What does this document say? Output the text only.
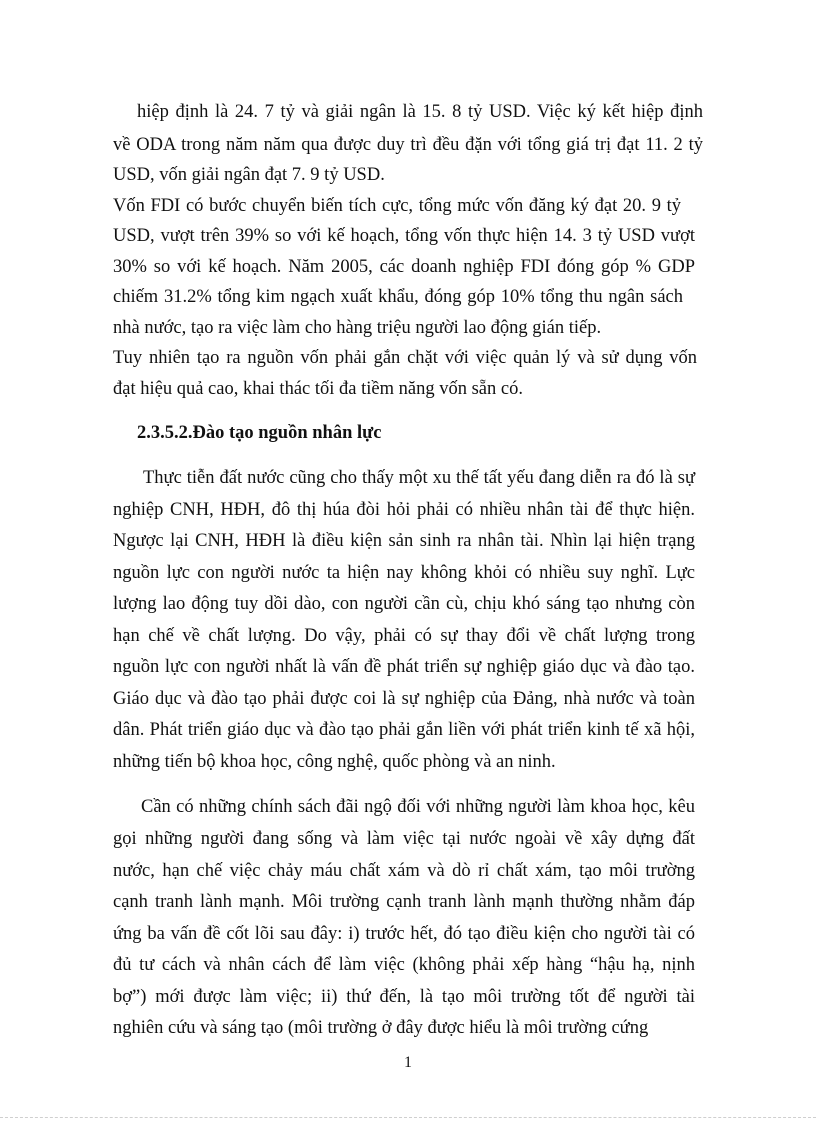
hiệp định là 24. 7 tỷ và giải ngân là 15. 8 tỷ USD. Việc ký kết hiệp định
về ODA trong năm năm qua được duy trì đều đặn với tổng giá trị đạt 11. 2 tỷ
USD, vốn giải ngân đạt 7. 9 tỷ USD.
Vốn FDI có bước chuyển biến tích cực, tổng mức vốn đăng ký đạt 20. 9 tỷ
USD, vượt trên 39% so với kế hoạch, tổng vốn thực hiện 14. 3 tỷ USD vượt
30% so với kế hoạch. Năm 2005, các doanh nghiệp FDI đóng góp % GDP
chiếm 31.2% tổng kim ngạch xuất khẩu, đóng góp 10% tổng thu ngân sách
nhà nước, tạo ra việc làm cho hàng triệu người lao động gián tiếp.
Tuy nhiên tạo ra nguồn vốn phải gắn chặt với việc quản lý và sử dụng vốn
đạt hiệu quả cao, khai thác tối đa tiềm năng vốn sẵn có.
2.3.5.2.Đào tạo nguồn nhân lực
Thực tiễn đất nước cũng cho thấy một xu thế tất yếu đang diễn ra đó là sự
nghiệp CNH, HĐH, đô thị húa đòi hỏi phải có nhiều nhân tài để thực hiện.
Ngược lại CNH, HĐH là điều kiện sản sinh ra nhân tài. Nhìn lại hiện trạng
nguồn lực con người nước ta hiện nay không khỏi có nhiều suy nghĩ. Lực
lượng lao động tuy dồi dào, con người cần cù, chịu khó sáng tạo nhưng còn
hạn chế về chất lượng. Do vậy, phải có sự thay đổi về chất lượng trong
nguồn lực con người nhất là vấn đề phát triển sự nghiệp giáo dục và đào tạo.
Giáo dục và đào tạo phải được coi là sự nghiệp của Đảng, nhà nước và toàn
dân. Phát triển giáo dục và đào tạo phải gắn liền với phát triển kinh tế xã hội,
những tiến bộ khoa học, công nghệ, quốc phòng và an ninh.
Cần có những chính sách đãi ngộ đối với những người làm khoa học, kêu
gọi những người đang sống và làm việc tại nước ngoài về xây dựng đất
nước, hạn chế việc chảy máu chất xám và dò rỉ chất xám, tạo môi trường
cạnh tranh lành mạnh. Môi trường cạnh tranh lành mạnh thường nhằm đáp
ứng ba vấn đề cốt lõi sau đây: i) trước hết, đó tạo điều kiện cho người tài có
đủ tư cách và nhân cách để làm việc (không phải xếp hàng “hậu hạ, nịnh
bợ”) mới được làm việc; ii) thứ đến, là tạo môi trường tốt để người tài
nghiên cứu và sáng tạo (môi trường ở đây được hiểu là môi trường cứng
1
